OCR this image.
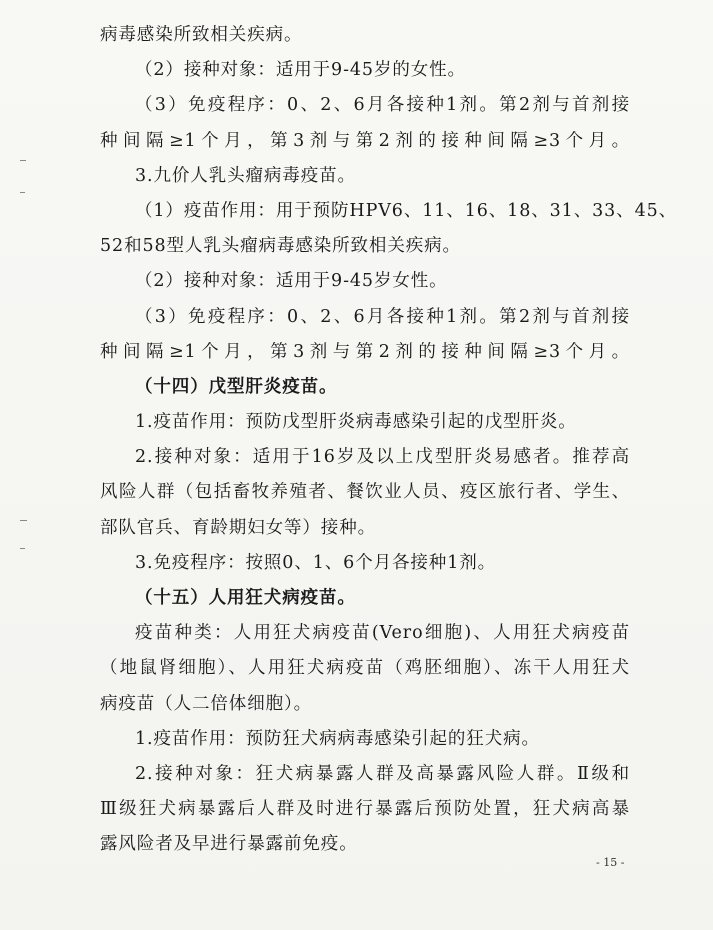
病毒感染所致相关疾病。
（2）接种对象：适用于9-45岁的女性。
（3）免疫程序：0、2、6月各接种1剂。第2剂与首剂接
种间隔≥1个月，第3剂与第2剂的接种间隔≥3个月。
3.九价人乳头瘤病毒疫苗。
（1）疫苗作用：用于预防HPV6、11、16、18、31、33、45、
52和58型人乳头瘤病毒感染所致相关疾病。
（2）接种对象：适用于9-45岁女性。
（3）免疫程序：0、2、6月各接种1剂。第2剂与首剂接
种间隔≥1个月，第3剂与第2剂的接种间隔≥3个月。
（十四）戊型肝炎疫苗。
1.疫苗作用：预防戊型肝炎病毒感染引起的戊型肝炎。
2.接种对象：适用于16岁及以上戊型肝炎易感者。推荐高
风险人群（包括畜牧养殖者、餐饮业人员、疫区旅行者、学生、
部队官兵、育龄期妇女等）接种。
3.免疫程序：按照0、1、6个月各接种1剂。
（十五）人用狂犬病疫苗。
疫苗种类：人用狂犬病疫苗(Vero细胞)、人用狂犬病疫苗
（地鼠肾细胞）、人用狂犬病疫苗（鸡胚细胞）、冻干人用狂犬
病疫苗（人二倍体细胞）。
1.疫苗作用：预防狂犬病病毒感染引起的狂犬病。
2.接种对象：狂犬病暴露人群及高暴露风险人群。Ⅱ级和
Ⅲ级狂犬病暴露后人群及时进行暴露后预防处置，狂犬病高暴
露风险者及早进行暴露前免疫。
- 15 -
